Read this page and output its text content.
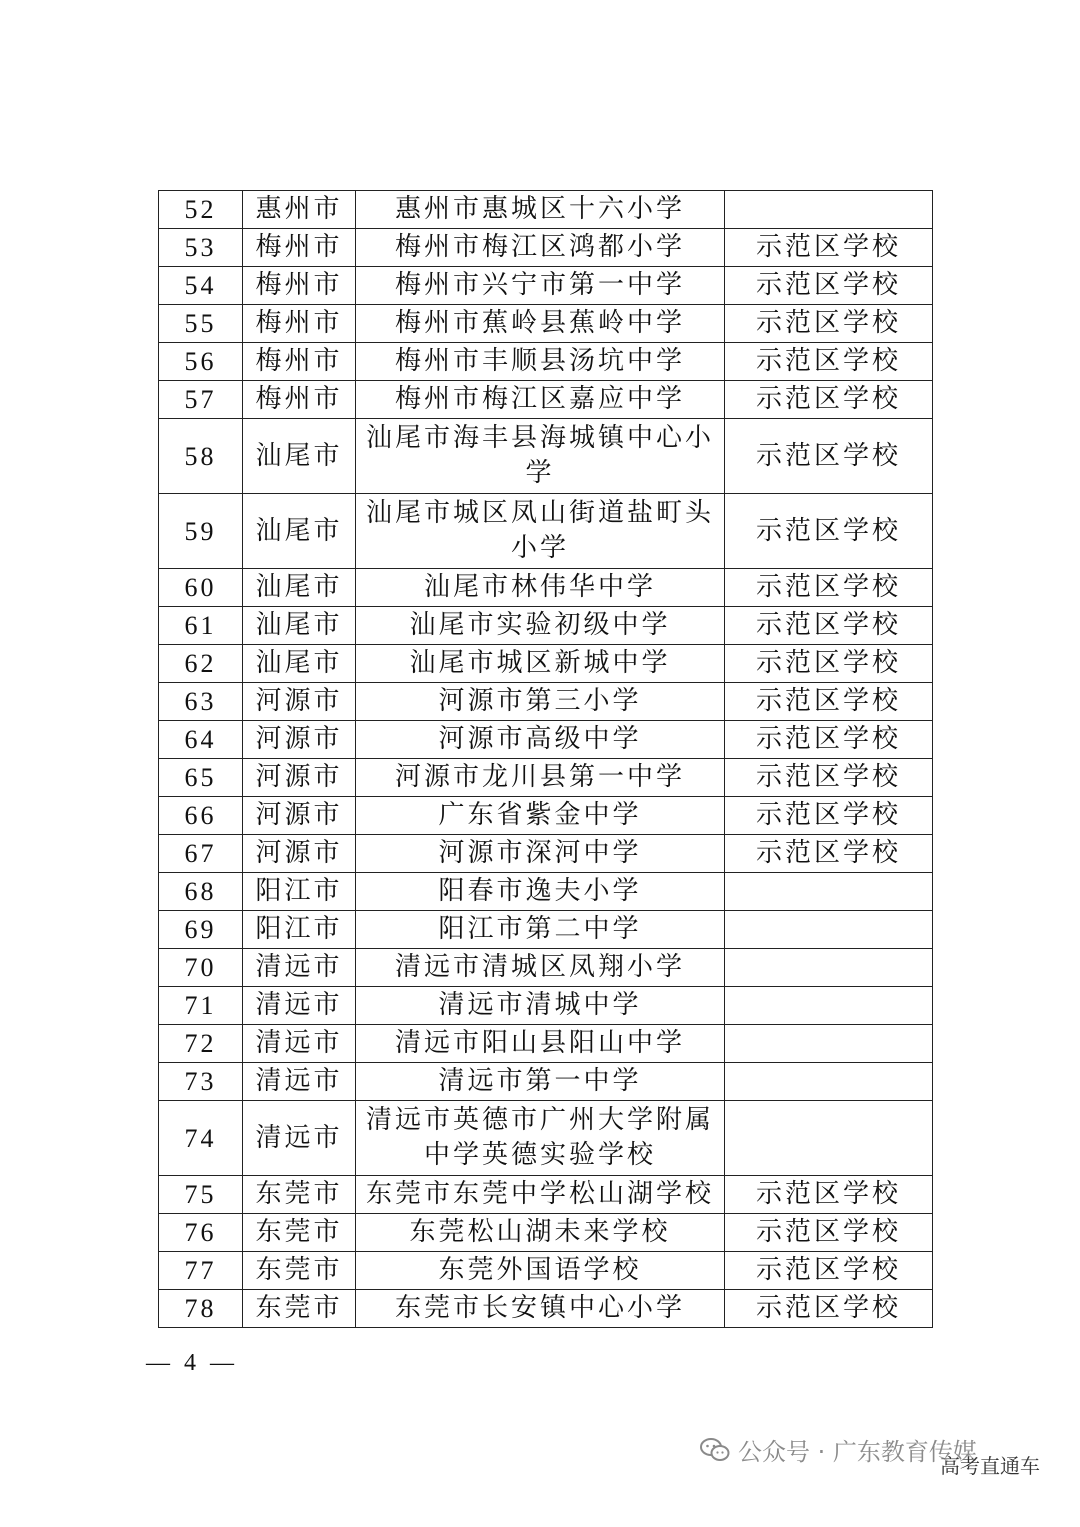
52	惠州市	惠州市惠城区十六小学	
53	梅州市	梅州市梅江区鸿都小学	示范区学校
54	梅州市	梅州市兴宁市第一中学	示范区学校
55	梅州市	梅州市蕉岭县蕉岭中学	示范区学校
56	梅州市	梅州市丰顺县汤坑中学	示范区学校
57	梅州市	梅州市梅江区嘉应中学	示范区学校
58	汕尾市	汕尾市海丰县海城镇中心小学	示范区学校
59	汕尾市	汕尾市城区凤山街道盐町头小学	示范区学校
60	汕尾市	汕尾市林伟华中学	示范区学校
61	汕尾市	汕尾市实验初级中学	示范区学校
62	汕尾市	汕尾市城区新城中学	示范区学校
63	河源市	河源市第三小学	示范区学校
64	河源市	河源市高级中学	示范区学校
65	河源市	河源市龙川县第一中学	示范区学校
66	河源市	广东省紫金中学	示范区学校
67	河源市	河源市深河中学	示范区学校
68	阳江市	阳春市逸夫小学	
69	阳江市	阳江市第二中学	
70	清远市	清远市清城区凤翔小学	
71	清远市	清远市清城中学	
72	清远市	清远市阳山县阳山中学	
73	清远市	清远市第一中学	
74	清远市	清远市英德市广州大学附属中学英德实验学校	
75	东莞市	东莞市东莞中学松山湖学校	示范区学校
76	东莞市	东莞松山湖未来学校	示范区学校
77	东莞市	东莞外国语学校	示范区学校
78	东莞市	东莞市长安镇中心小学	示范区学校
— 4 —
公众号 · 广东教育传媒
高考直通车
